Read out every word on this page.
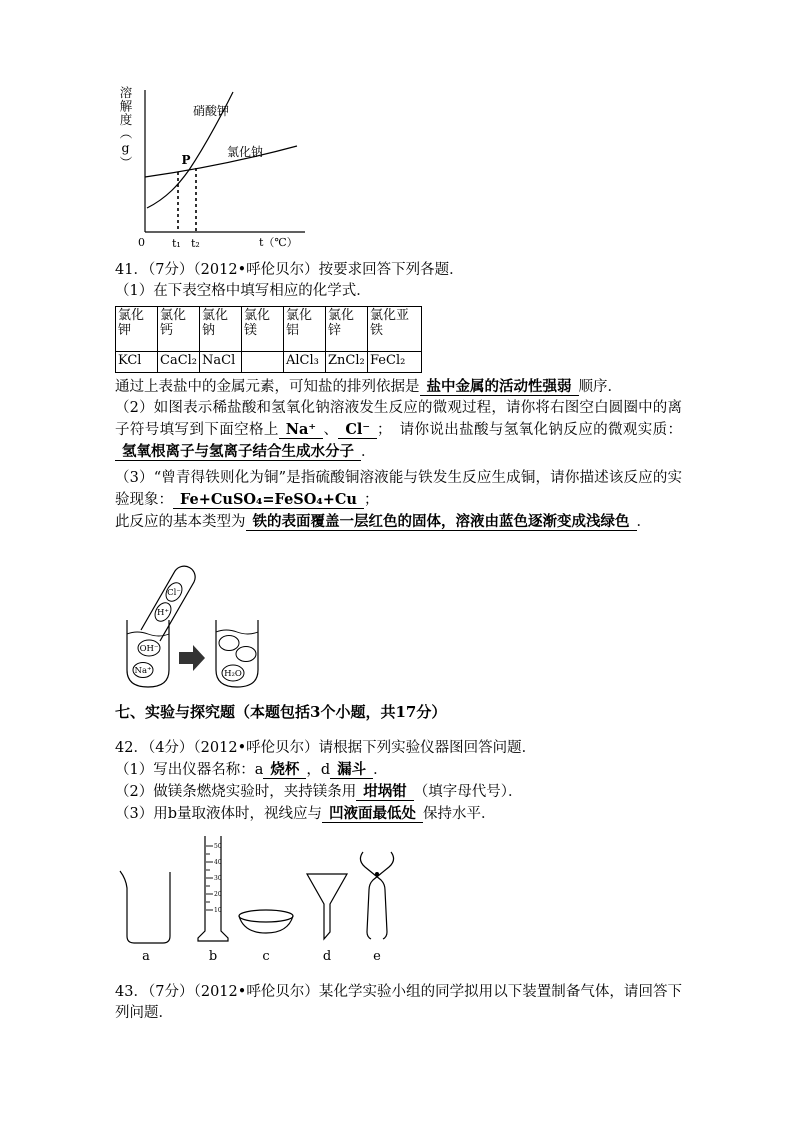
溶解度（g）	硝酸钾
氯化钠
P
0 t₁ t₂	t（℃）

41．（7分）（2012•呼伦贝尔）按要求回答下列各题．

（1）在下表空格中填写相应的化学式．

氯化钾	氯化钙	氯化钠	氯化镁	氯化铝	氯化锌	氯化亚铁
KCl	CaCl₂	NaCl		AlCl₃	ZnCl₂	FeCl₂

通过上表盐中的金属元素，可知盐的排列依据是 盐中金属的活动性强弱 顺序．

（2）如图表示稀盐酸和氢氧化钠溶液发生反应的微观过程，请你将右图空白圆圈中的离子符号填写到下面空格上 Na⁺ 、 Cl⁻ ；　请你说出盐酸与氢氧化钠反应的微观实质：氢氧根离子与氢离子结合生成水分子 ．

（3）“曾青得铁则化为铜”是指硫酸铜溶液能与铁发生反应生成铜，请你描述该反应的实验现象： Fe+CuSO₄=FeSO₄+Cu ；

此反应的基本类型为 铁的表面覆盖一层红色的固体，溶液由蓝色逐渐变成浅绿色 ．

Cl⁻
H⁺
OH⁻
Na⁺	H₂O

七、实验与探究题（本题包括3个小题，共17分）

42．（4分）（2012•呼伦贝尔）请根据下列实验仪器图回答问题．

（1）写出仪器名称：a 烧杯 ，d 漏斗 ．

（2）做镁条燃烧实验时，夹持镁条用 坩埚钳 （填字母代号）．

（3）用b量取液体时，视线应与 凹液面最低处 保持水平．

a
50
40
30
20
10
b	c	d	e

43．（7分）（2012•呼伦贝尔）某化学实验小组的同学拟用以下装置制备气体，请回答下列问题．
